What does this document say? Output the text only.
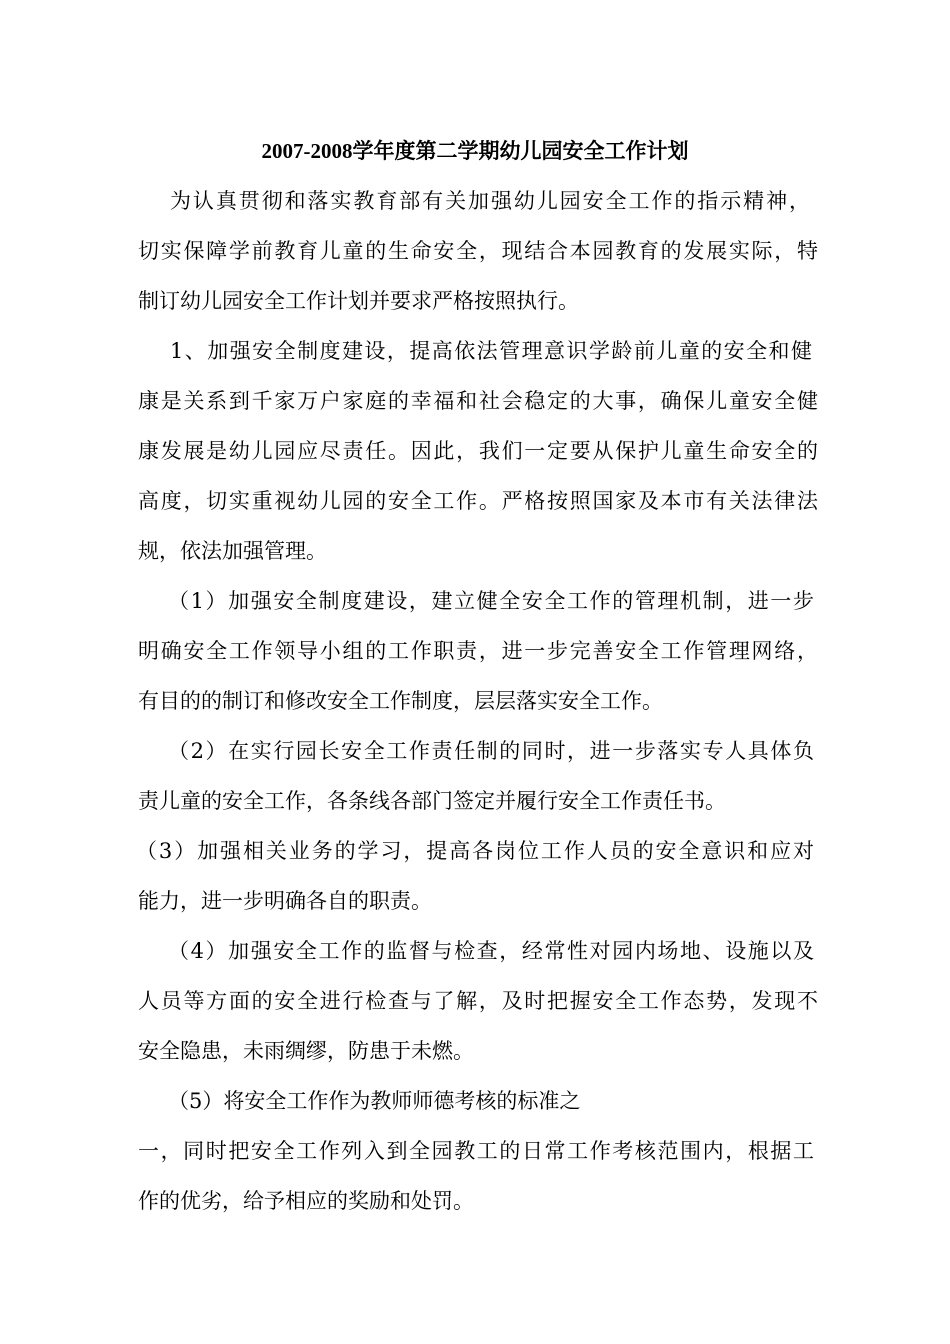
2007-2008学年度第二学期幼儿园安全工作计划
为认真贯彻和落实教育部有关加强幼儿园安全工作的指示精神，
切实保障学前教育儿童的生命安全，现结合本园教育的发展实际，特
制订幼儿园安全工作计划并要求严格按照执行。
1、加强安全制度建设，提高依法管理意识学龄前儿童的安全和健
康是关系到千家万户家庭的幸福和社会稳定的大事，确保儿童安全健
康发展是幼儿园应尽责任。因此，我们一定要从保护儿童生命安全的
高度，切实重视幼儿园的安全工作。严格按照国家及本市有关法律法
规，依法加强管理。
（1）加强安全制度建设，建立健全安全工作的管理机制，进一步
明确安全工作领导小组的工作职责，进一步完善安全工作管理网络，
有目的的制订和修改安全工作制度，层层落实安全工作。
（2）在实行园长安全工作责任制的同时，进一步落实专人具体负
责儿童的安全工作，各条线各部门签定并履行安全工作责任书。
（3）加强相关业务的学习，提高各岗位工作人员的安全意识和应对
能力，进一步明确各自的职责。
（4）加强安全工作的监督与检查，经常性对园内场地、设施以及
人员等方面的安全进行检查与了解，及时把握安全工作态势，发现不
安全隐患，未雨绸缪，防患于未燃。
（5）将安全工作作为教师师德考核的标准之
一，同时把安全工作列入到全园教工的日常工作考核范围内，根据工
作的优劣，给予相应的奖励和处罚。
